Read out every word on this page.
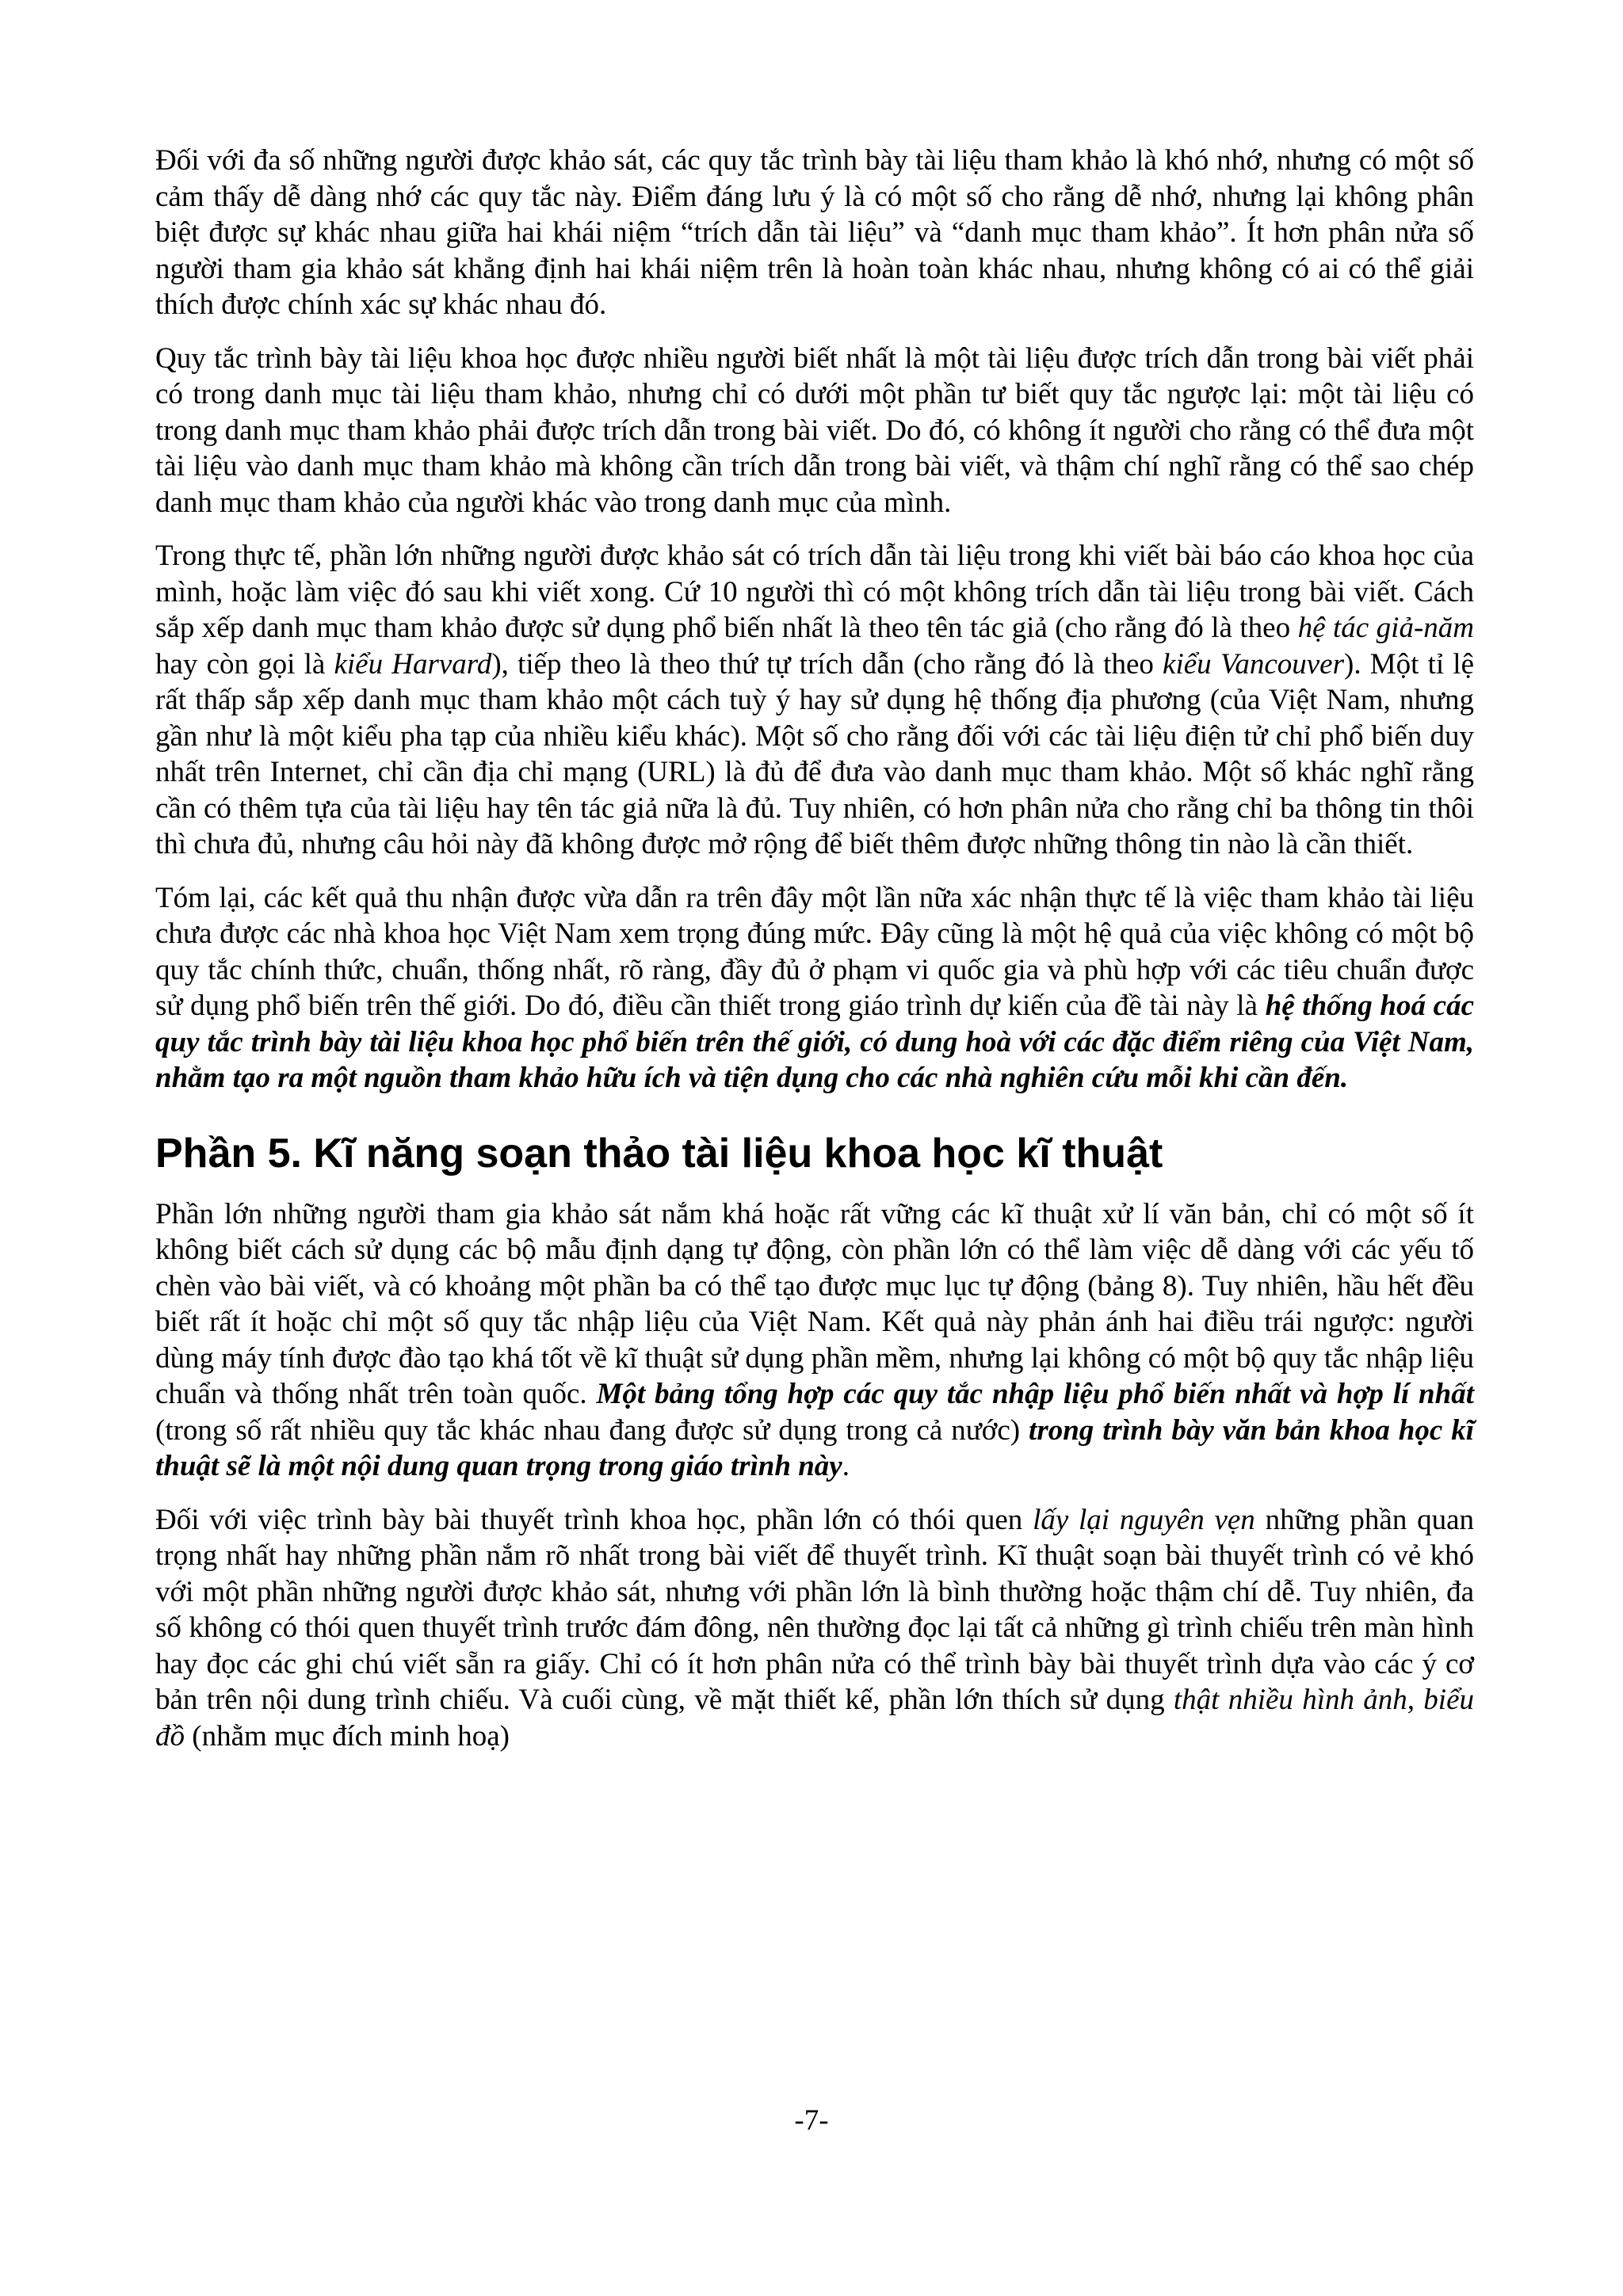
Đối với đa số những người được khảo sát, các quy tắc trình bày tài liệu tham khảo là khó nhớ, nhưng có một số cảm thấy dễ dàng nhớ các quy tắc này. Điểm đáng lưu ý là có một số cho rằng dễ nhớ, nhưng lại không phân biệt được sự khác nhau giữa hai khái niệm “trích dẫn tài liệu” và “danh mục tham khảo”. Ít hơn phân nửa số người tham gia khảo sát khẳng định hai khái niệm trên là hoàn toàn khác nhau, nhưng không có ai có thể giải thích được chính xác sự khác nhau đó.

Quy tắc trình bày tài liệu khoa học được nhiều người biết nhất là một tài liệu được trích dẫn trong bài viết phải có trong danh mục tài liệu tham khảo, nhưng chỉ có dưới một phần tư biết quy tắc ngược lại: một tài liệu có trong danh mục tham khảo phải được trích dẫn trong bài viết. Do đó, có không ít người cho rằng có thể đưa một tài liệu vào danh mục tham khảo mà không cần trích dẫn trong bài viết, và thậm chí nghĩ rằng có thể sao chép danh mục tham khảo của người khác vào trong danh mục của mình.

Trong thực tế, phần lớn những người được khảo sát có trích dẫn tài liệu trong khi viết bài báo cáo khoa học của mình, hoặc làm việc đó sau khi viết xong. Cứ 10 người thì có một không trích dẫn tài liệu trong bài viết. Cách sắp xếp danh mục tham khảo được sử dụng phổ biến nhất là theo tên tác giả (cho rằng đó là theo hệ tác giả-năm hay còn gọi là kiểu Harvard), tiếp theo là theo thứ tự trích dẫn (cho rằng đó là theo kiểu Vancouver). Một tỉ lệ rất thấp sắp xếp danh mục tham khảo một cách tuỳ ý hay sử dụng hệ thống địa phương (của Việt Nam, nhưng gần như là một kiểu pha tạp của nhiều kiểu khác). Một số cho rằng đối với các tài liệu điện tử chỉ phổ biến duy nhất trên Internet, chỉ cần địa chỉ mạng (URL) là đủ để đưa vào danh mục tham khảo. Một số khác nghĩ rằng cần có thêm tựa của tài liệu hay tên tác giả nữa là đủ. Tuy nhiên, có hơn phân nửa cho rằng chỉ ba thông tin thôi thì chưa đủ, nhưng câu hỏi này đã không được mở rộng để biết thêm được những thông tin nào là cần thiết.

Tóm lại, các kết quả thu nhận được vừa dẫn ra trên đây một lần nữa xác nhận thực tế là việc tham khảo tài liệu chưa được các nhà khoa học Việt Nam xem trọng đúng mức. Đây cũng là một hệ quả của việc không có một bộ quy tắc chính thức, chuẩn, thống nhất, rõ ràng, đầy đủ ở phạm vi quốc gia và phù hợp với các tiêu chuẩn được sử dụng phổ biến trên thế giới. Do đó, điều cần thiết trong giáo trình dự kiến của đề tài này là hệ thống hoá các quy tắc trình bày tài liệu khoa học phổ biến trên thế giới, có dung hoà với các đặc điểm riêng của Việt Nam, nhằm tạo ra một nguồn tham khảo hữu ích và tiện dụng cho các nhà nghiên cứu mỗi khi cần đến.

Phần 5. Kĩ năng soạn thảo tài liệu khoa học kĩ thuật

Phần lớn những người tham gia khảo sát nắm khá hoặc rất vững các kĩ thuật xử lí văn bản, chỉ có một số ít không biết cách sử dụng các bộ mẫu định dạng tự động, còn phần lớn có thể làm việc dễ dàng với các yếu tố chèn vào bài viết, và có khoảng một phần ba có thể tạo được mục lục tự động (bảng 8). Tuy nhiên, hầu hết đều biết rất ít hoặc chỉ một số quy tắc nhập liệu của Việt Nam. Kết quả này phản ánh hai điều trái ngược: người dùng máy tính được đào tạo khá tốt về kĩ thuật sử dụng phần mềm, nhưng lại không có một bộ quy tắc nhập liệu chuẩn và thống nhất trên toàn quốc. Một bảng tổng hợp các quy tắc nhập liệu phổ biến nhất và hợp lí nhất (trong số rất nhiều quy tắc khác nhau đang được sử dụng trong cả nước) trong trình bày văn bản khoa học kĩ thuật sẽ là một nội dung quan trọng trong giáo trình này.

Đối với việc trình bày bài thuyết trình khoa học, phần lớn có thói quen lấy lại nguyên vẹn những phần quan trọng nhất hay những phần nắm rõ nhất trong bài viết để thuyết trình. Kĩ thuật soạn bài thuyết trình có vẻ khó với một phần những người được khảo sát, nhưng với phần lớn là bình thường hoặc thậm chí dễ. Tuy nhiên, đa số không có thói quen thuyết trình trước đám đông, nên thường đọc lại tất cả những gì trình chiếu trên màn hình hay đọc các ghi chú viết sẵn ra giấy. Chỉ có ít hơn phân nửa có thể trình bày bài thuyết trình dựa vào các ý cơ bản trên nội dung trình chiếu. Và cuối cùng, về mặt thiết kế, phần lớn thích sử dụng thật nhiều hình ảnh, biểu đồ (nhằm mục đích minh hoạ)

-7-
